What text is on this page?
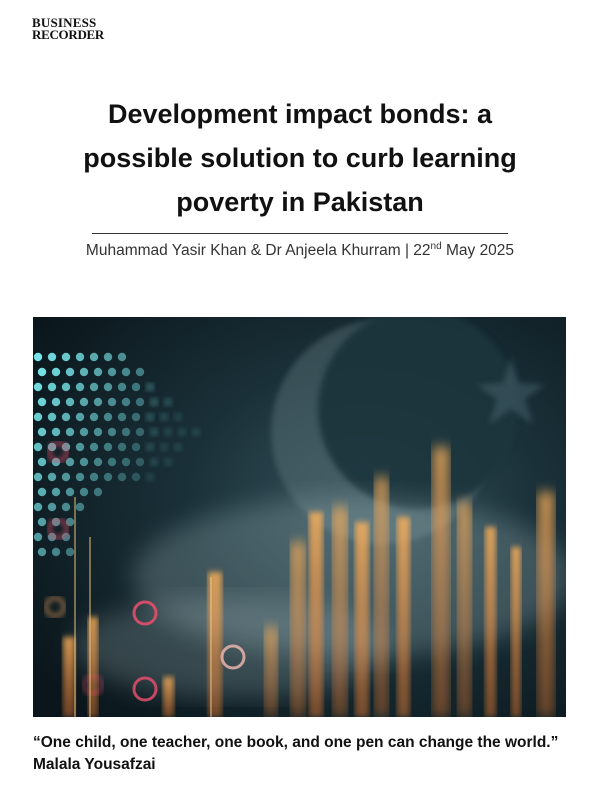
BUSINESS
RECORDER
Development impact bonds: a
possible solution to curb learning
poverty in Pakistan
Muhammad Yasir Khan & Dr Anjeela Khurram | 22nd May 2025
“One child, one teacher, one book, and one pen can change the world.”
Malala Yousafzai
